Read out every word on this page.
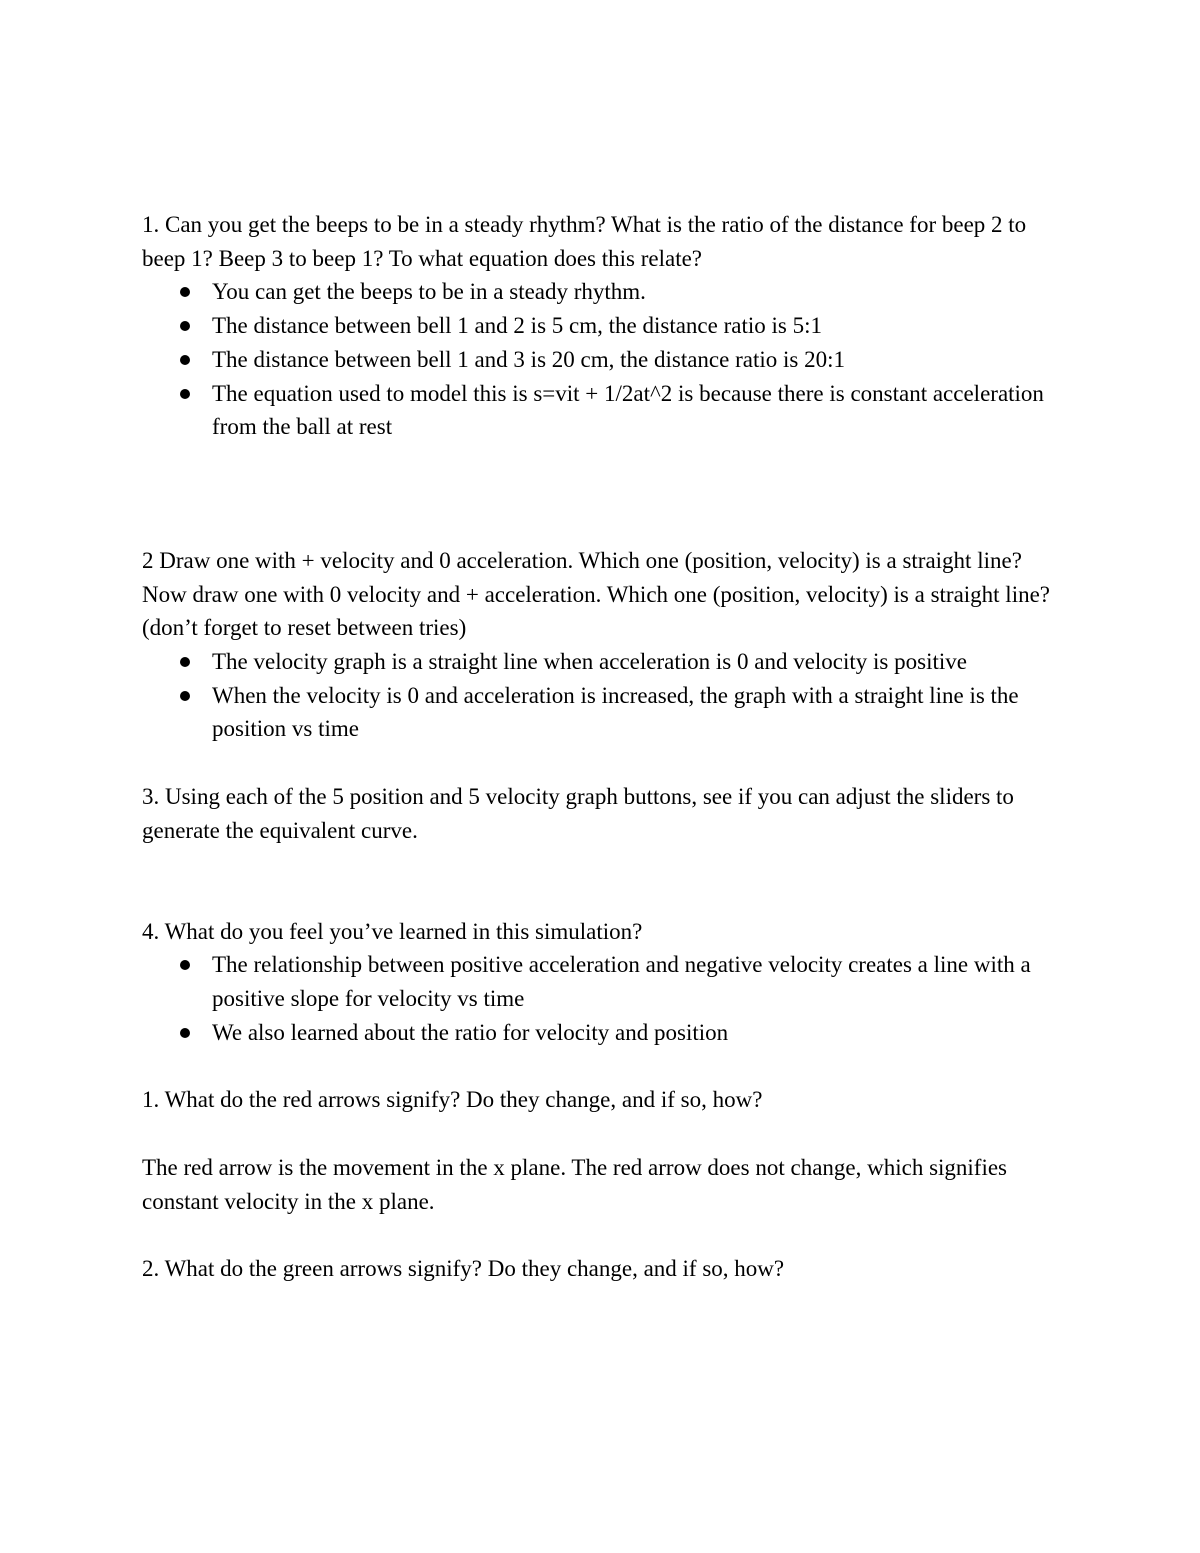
1. Can you get the beeps to be in a steady rhythm? What is the ratio of the distance for beep 2 to beep 1? Beep 3 to beep 1? To what equation does this relate?

You can get the beeps to be in a steady rhythm.
The distance between bell 1 and 2 is 5 cm, the distance ratio is 5:1
The distance between bell 1 and 3 is 20 cm, the distance ratio is 20:1
The equation used to model this is s=vit + 1/2at^2 is because there is constant acceleration from the ball at rest

2 Draw one with + velocity and 0 acceleration. Which one (position, velocity) is a straight line? Now draw one with 0 velocity and + acceleration. Which one (position, velocity) is a straight line? (don’t forget to reset between tries)

The velocity graph is a straight line when acceleration is 0 and velocity is positive
When the velocity is 0 and acceleration is increased, the graph with a straight line is the position vs time

3. Using each of the 5 position and 5 velocity graph buttons, see if you can adjust the sliders to generate the equivalent curve.

4. What do you feel you’ve learned in this simulation?

The relationship between positive acceleration and negative velocity creates a line with a positive slope for velocity vs time
We also learned about the ratio for velocity and position

1. What do the red arrows signify? Do they change, and if so, how?

The red arrow is the movement in the x plane. The red arrow does not change, which signifies constant velocity in the x plane.

2. What do the green arrows signify? Do they change, and if so, how?
